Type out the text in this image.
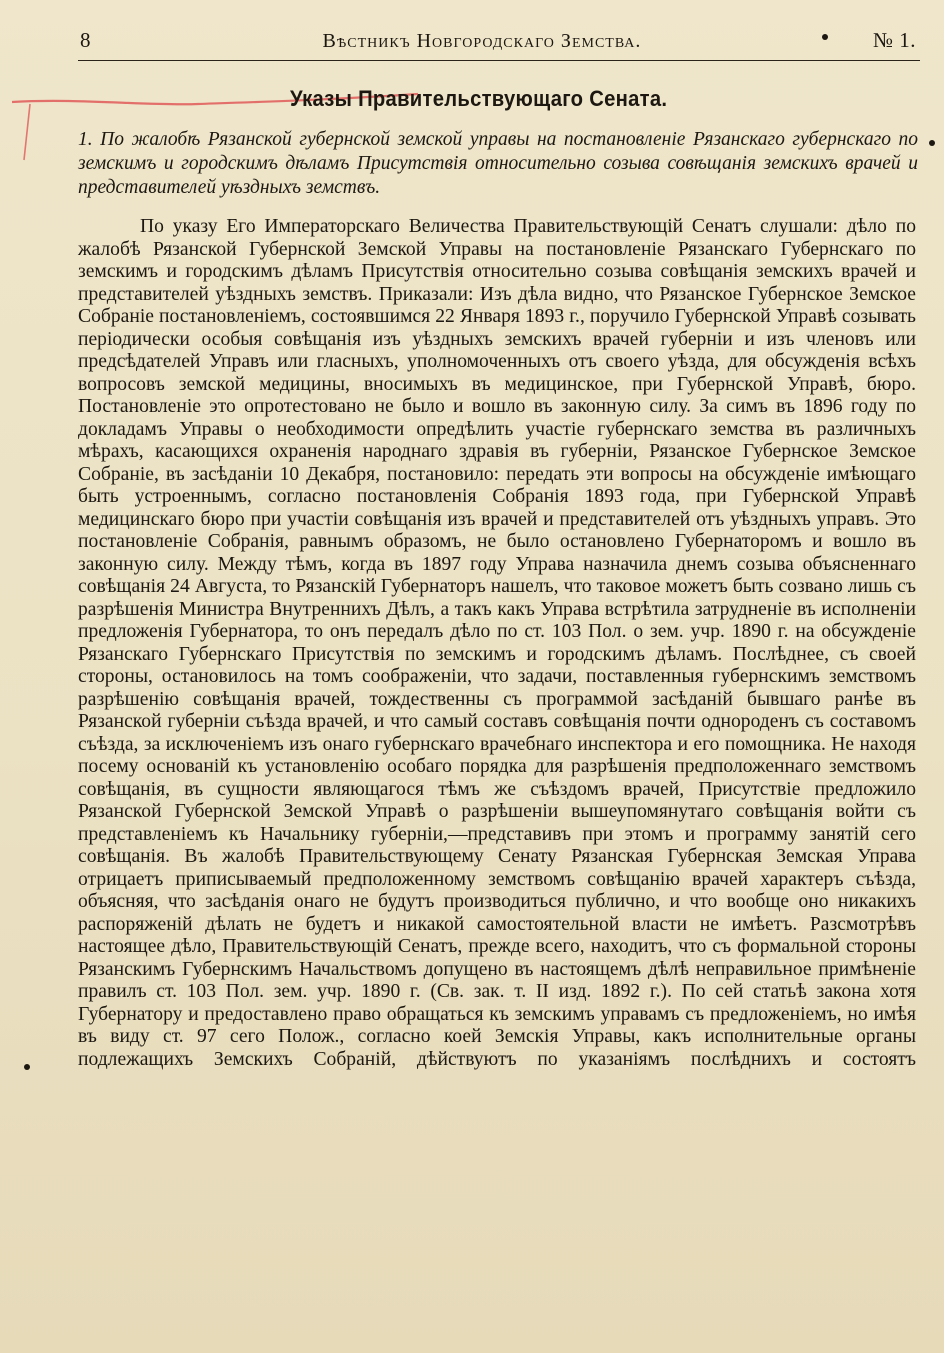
8	Вѣстникъ Новгородскаго Земства.	№ 1.
Указы Правительствующаго Сената.
1. По жалобѣ Рязанской губернской земской управы на постановленіе Рязанскаго губернскаго по земскимъ и городскимъ дѣламъ Присутствія относительно созыва совѣщанія земскихъ врачей и представителей уѣздныхъ земствъ.
По указу Его Императорскаго Величества Правительствующій Сенатъ слушали: дѣло по жалобѣ Рязанской Губернской Земской Управы на постановленіе Рязанскаго Губернскаго по земскимъ и городскимъ дѣламъ Присутствія относительно созыва совѣщанія земскихъ врачей и представителей уѣздныхъ земствъ. Приказали: Изъ дѣла видно, что Рязанское Губернское Земское Собраніе постановленіемъ, состоявшимся 22 Января 1893 г., поручило Губернской Управѣ созывать періодически особыя совѣщанія изъ уѣздныхъ земскихъ врачей губерніи и изъ членовъ или предсѣдателей Управъ или гласныхъ, уполномоченныхъ отъ своего уѣзда, для обсужденія всѣхъ вопросовъ земской медицины, вносимыхъ въ медицинское, при Губернской Управѣ, бюро. Постановленіе это опротестовано не было и вошло въ законную силу. За симъ въ 1896 году по докладамъ Управы о необходимости опредѣлить участіе губернскаго земства въ различныхъ мѣрахъ, касающихся охраненія народнаго здравія въ губерніи, Рязанское Губернское Земское Собраніе, въ засѣданіи 10 Декабря, постановило: передать эти вопросы на обсужденіе имѣющаго быть устроеннымъ, согласно постановленія Собранія 1893 года, при Губернской Управѣ медицинскаго бюро при участіи совѣщанія изъ врачей и представителей отъ уѣздныхъ управъ. Это постановленіе Собранія, равнымъ образомъ, не было остановлено Губернаторомъ и вошло въ законную силу. Между тѣмъ, когда въ 1897 году Управа назначила днемъ созыва объясненнаго совѣщанія 24 Августа, то Рязанскій Губернаторъ нашелъ, что таковое можетъ быть созвано лишь съ разрѣшенія Министра Внутреннихъ Дѣлъ, а такъ какъ Управа встрѣтила затрудненіе въ исполненіи предложенія Губернатора, то онъ передалъ дѣло по ст. 103 Пол. о зем. учр. 1890 г. на обсужденіе Рязанскаго Губернскаго Присутствія по земскимъ и городскимъ дѣламъ. Послѣднее, съ своей стороны, остановилось на томъ соображеніи, что задачи, поставленныя губернскимъ земствомъ разрѣшенію совѣщанія врачей, тождественны съ программой засѣданій бывшаго ранѣе въ Рязанской губерніи съѣзда врачей, и что самый составъ совѣщанія почти однороденъ съ составомъ съѣзда, за исключеніемъ изъ онаго губернскаго врачебнаго инспектора и его помощника. Не находя посему основаній къ установленію особаго порядка для разрѣшенія предположеннаго земствомъ совѣщанія, въ сущности являющагося тѣмъ же съѣздомъ врачей, Присутствіе предложило Рязанской Губернской Земской Управѣ о разрѣшеніи вышеупомянутаго совѣщанія войти съ представленіемъ къ Начальнику губерніи,—представивъ при этомъ и программу занятій сего совѣщанія. Въ жалобѣ Правительствующему Сенату Рязанская Губернская Земская Управа отрицаетъ приписываемый предположенному земствомъ совѣщанію врачей характеръ съѣзда, объясняя, что засѣданія онаго не будутъ производиться публично, и что вообще оно никакихъ распоряженій дѣлать не будетъ и никакой самостоятельной власти не имѣетъ. Разсмотрѣвъ настоящее дѣло, Правительствующій Сенатъ, прежде всего, находитъ, что съ формальной стороны Рязанскимъ Губернскимъ Начальствомъ допущено въ настоящемъ дѣлѣ неправильное примѣненіе правилъ ст. 103 Пол. зем. учр. 1890 г. (Св. зак. т. II изд. 1892 г.). По сей статьѣ закона хотя Губернатору и предоставлено право обращаться къ земскимъ управамъ съ предложеніемъ, но имѣя въ виду ст. 97 сего Полож., согласно коей Земскія Управы, какъ исполнительные органы подлежащихъ Земскихъ Собраній, дѣйствуютъ по указаніямъ послѣднихъ и состоятъ
